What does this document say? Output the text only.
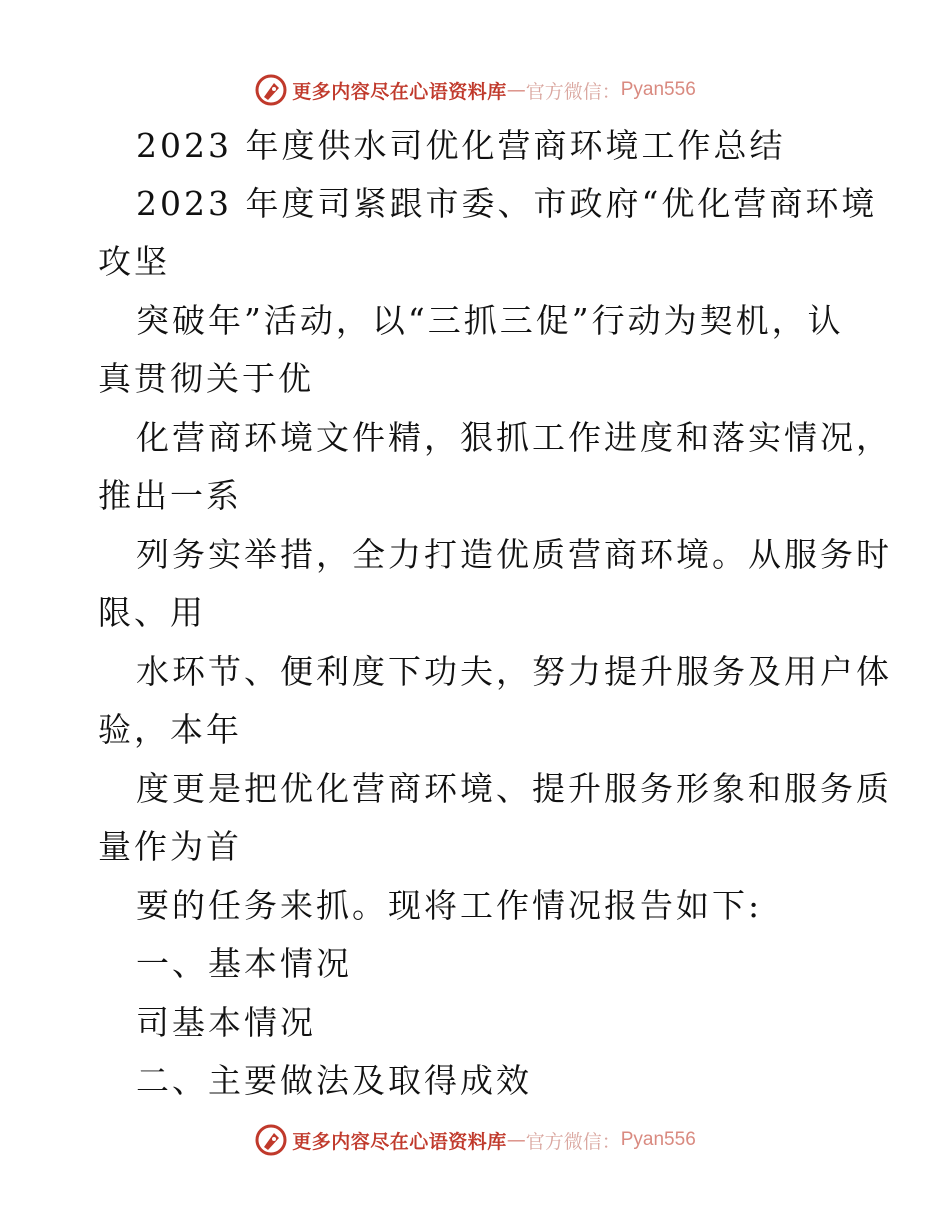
更多内容尽在心语资料库 — 官方微信： Pyan556
2023 年度供水司优化营商环境工作总结
2023 年度司紧跟市委、市政府“优化营商环境
攻坚
突破年”活动，以“三抓三促”行动为契机，认
真贯彻关于优
化营商环境文件精，狠抓工作进度和落实情况，
推出一系
列务实举措，全力打造优质营商环境。从服务时
限、用
水环节、便利度下功夫，努力提升服务及用户体
验，本年
度更是把优化营商环境、提升服务形象和服务质
量作为首
要的任务来抓。现将工作情况报告如下:
一、基本情况
司基本情况
二、主要做法及取得成效
更多内容尽在心语资料库 — 官方微信： Pyan556
